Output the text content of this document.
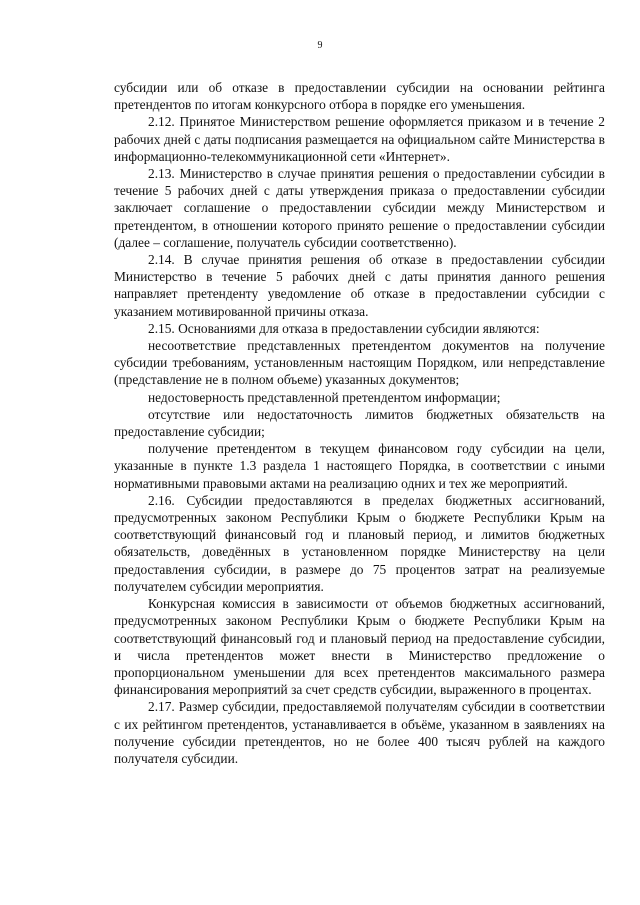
9

субсидии или об отказе в предоставлении субсидии на основании рейтинга претендентов по итогам конкурсного отбора в порядке его уменьшения.

2.12. Принятое Министерством решение оформляется приказом и в течение 2 рабочих дней с даты подписания размещается на официальном сайте Министерства в информационно-телекоммуникационной сети «Интернет».

2.13. Министерство в случае принятия решения о предоставлении субсидии в течение 5 рабочих дней с даты утверждения приказа о предоставлении субсидии заключает соглашение о предоставлении субсидии между Министерством и претендентом, в отношении которого принято решение о предоставлении субсидии (далее – соглашение, получатель субсидии соответственно).

2.14. В случае принятия решения об отказе в предоставлении субсидии Министерство в течение 5 рабочих дней с даты принятия данного решения направляет претенденту уведомление об отказе в предоставлении субсидии с указанием мотивированной причины отказа.

2.15. Основаниями для отказа в предоставлении субсидии являются:

несоответствие представленных претендентом документов на получение субсидии требованиям, установленным настоящим Порядком, или непредставление (представление не в полном объеме) указанных документов;

недостоверность представленной претендентом информации;

отсутствие или недостаточность лимитов бюджетных обязательств на предоставление субсидии;

получение претендентом в текущем финансовом году субсидии на цели, указанные в пункте 1.3 раздела 1 настоящего Порядка, в соответствии с иными нормативными правовыми актами на реализацию одних и тех же мероприятий.

2.16. Субсидии предоставляются в пределах бюджетных ассигнований, предусмотренных законом Республики Крым о бюджете Республики Крым на соответствующий финансовый год и плановый период, и лимитов бюджетных обязательств, доведённых в установленном порядке Министерству на цели предоставления субсидии, в размере до 75 процентов затрат на реализуемые получателем субсидии мероприятия.

Конкурсная комиссия в зависимости от объемов бюджетных ассигнований, предусмотренных законом Республики Крым о бюджете Республики Крым на соответствующий финансовый год и плановый период на предоставление субсидии, и числа претендентов может внести в Министерство предложение о пропорциональном уменьшении для всех претендентов максимального размера финансирования мероприятий за счет средств субсидии, выраженного в процентах.

2.17. Размер субсидии, предоставляемой получателям субсидии в соответствии с их рейтингом претендентов, устанавливается в объёме, указанном в заявлениях на получение субсидии претендентов, но не более 400 тысяч рублей на каждого получателя субсидии.
